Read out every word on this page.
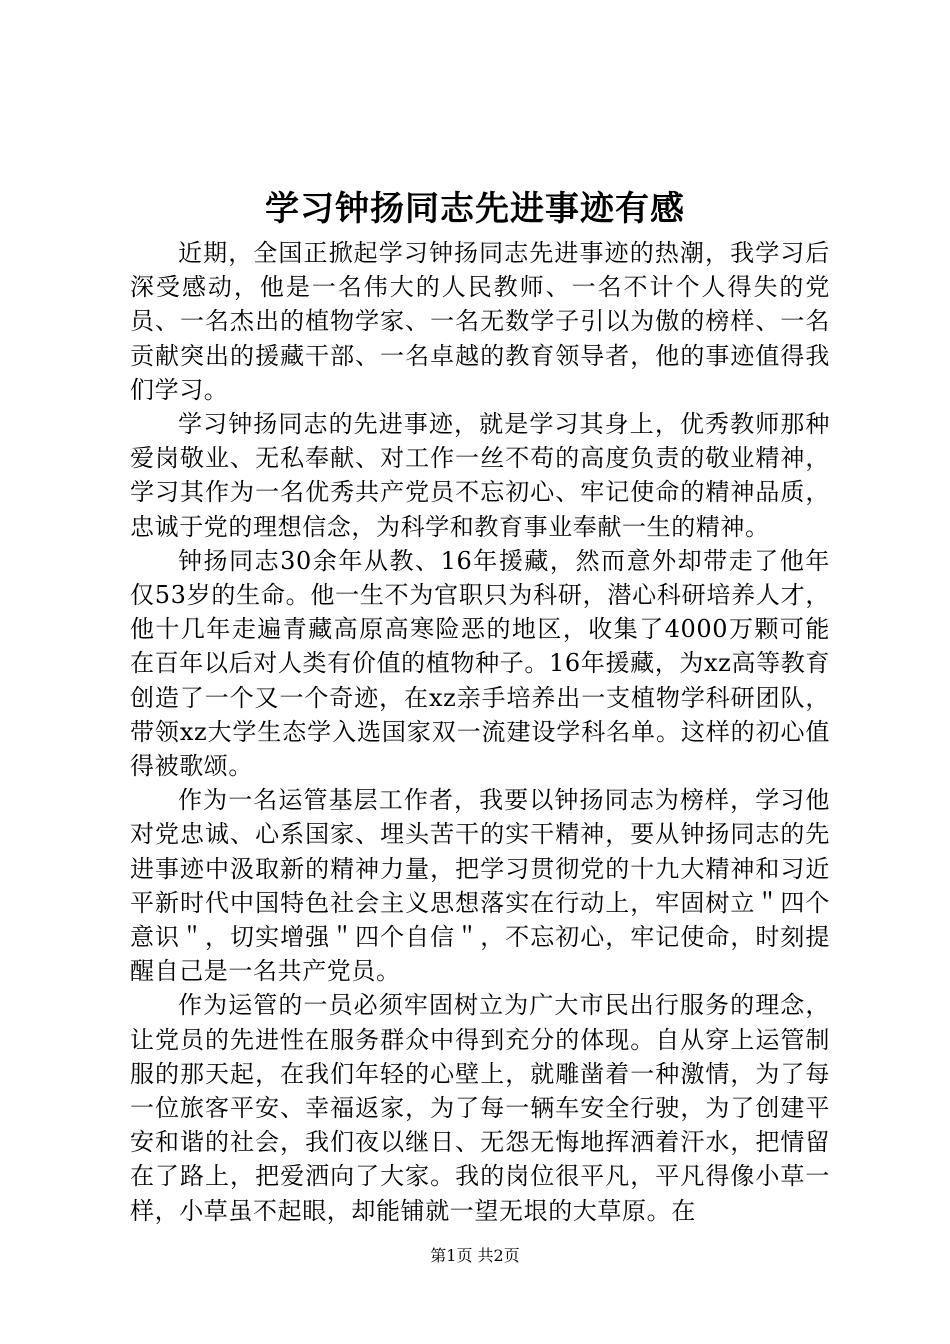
学习钟扬同志先进事迹有感

近期，全国正掀起学习钟扬同志先进事迹的热潮，我学习后深受感动，他是一名伟大的人民教师、一名不计个人得失的党员、一名杰出的植物学家、一名无数学子引以为傲的榜样、一名贡献突出的援藏干部、一名卓越的教育领导者，他的事迹值得我们学习。

学习钟扬同志的先进事迹，就是学习其身上，优秀教师那种爱岗敬业、无私奉献、对工作一丝不苟的高度负责的敬业精神，学习其作为一名优秀共产党员不忘初心、牢记使命的精神品质，忠诚于党的理想信念，为科学和教育事业奉献一生的精神。

钟扬同志30余年从教、16年援藏，然而意外却带走了他年仅53岁的生命。他一生不为官职只为科研，潜心科研培养人才，他十几年走遍青藏高原高寒险恶的地区，收集了4000万颗可能在百年以后对人类有价值的植物种子。16年援藏，为xz高等教育创造了一个又一个奇迹，在xz亲手培养出一支植物学科研团队，带领xz大学生态学入选国家双一流建设学科名单。这样的初心值得被歌颂。

作为一名运管基层工作者，我要以钟扬同志为榜样，学习他对党忠诚、心系国家、埋头苦干的实干精神，要从钟扬同志的先进事迹中汲取新的精神力量，把学习贯彻党的十九大精神和习近平新时代中国特色社会主义思想落实在行动上，牢固树立＂四个意识＂，切实增强＂四个自信＂，不忘初心，牢记使命，时刻提醒自己是一名共产党员。

作为运管的一员必须牢固树立为广大市民出行服务的理念，让党员的先进性在服务群众中得到充分的体现。自从穿上运管制服的那天起，在我们年轻的心壁上，就雕凿着一种激情，为了每一位旅客平安、幸福返家，为了每一辆车安全行驶，为了创建平安和谐的社会，我们夜以继日、无怨无悔地挥洒着汗水，把情留在了路上，把爱洒向了大家。我的岗位很平凡，平凡得像小草一样，小草虽不起眼，却能铺就一望无垠的大草原。在

第1页 共2页
